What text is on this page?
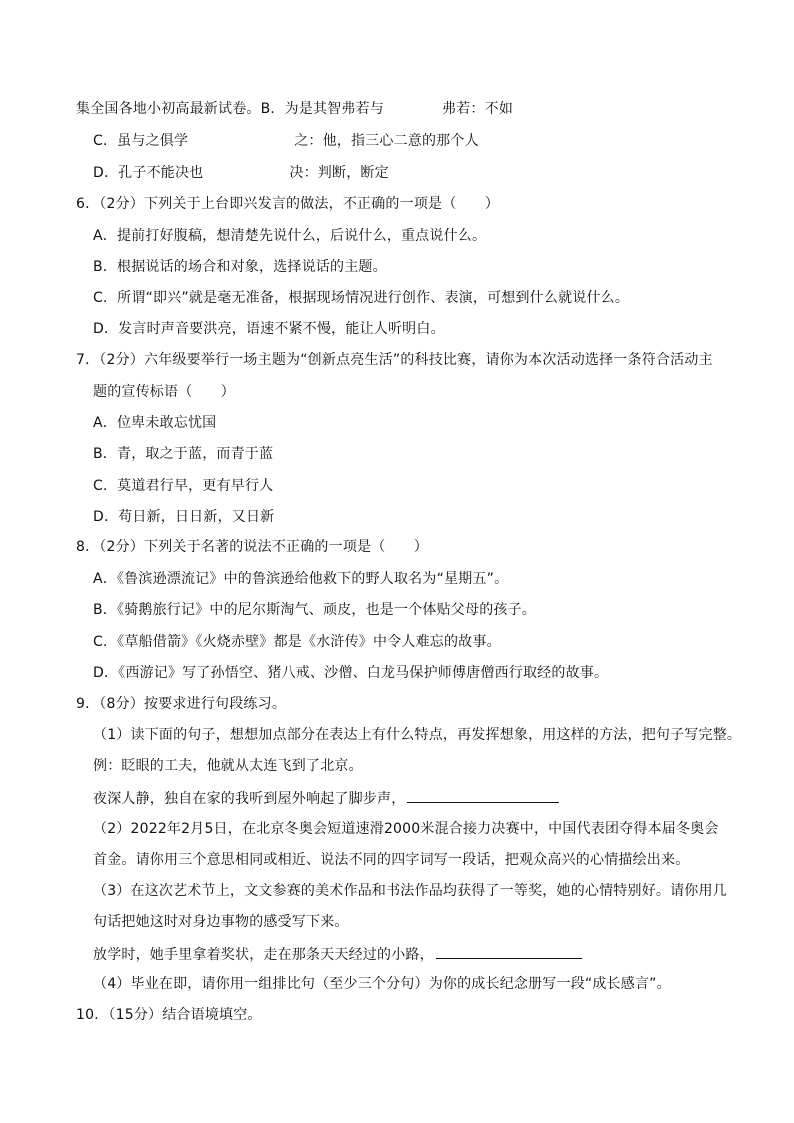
集全国各地小初高最新试卷。B．为是其智弗若与	弗若：不如
C．虽与之俱学	之：他，指三心二意的那个人
D．孔子不能决也	决：判断，断定
6．（2分）下列关于上台即兴发言的做法，不正确的一项是（　　）
A．提前打好腹稿，想清楚先说什么，后说什么，重点说什么。
B．根据说话的场合和对象，选择说话的主题。
C．所谓“即兴”就是毫无准备，根据现场情况进行创作、表演，可想到什么就说什么。
D．发言时声音要洪亮，语速不紧不慢，能让人听明白。
7．（2分）六年级要举行一场主题为“创新点亮生活”的科技比赛，请你为本次活动选择一条符合活动主
题的宣传标语（　　）
A．位卑未敢忘忧国
B．青，取之于蓝，而青于蓝
C．莫道君行早，更有早行人
D．苟日新，日日新，又日新
8．（2分）下列关于名著的说法不正确的一项是（　　）
A．《鲁滨逊漂流记》中的鲁滨逊给他救下的野人取名为“星期五”。
B．《骑鹅旅行记》中的尼尔斯淘气、顽皮，也是一个体贴父母的孩子。
C．《草船借箭》《火烧赤壁》都是《水浒传》中令人难忘的故事。
D．《西游记》写了孙悟空、猪八戒、沙僧、白龙马保护师傅唐僧西行取经的故事。
9．（8分）按要求进行句段练习。
（1）读下面的句子，想想加点部分在表达上有什么特点，再发挥想象，用这样的方法，把句子写完整。
例：眨眼的工夫，他就从太连飞到了北京。
夜深人静，独自在家的我听到屋外响起了脚步声，
（2）2022年2月5日，在北京冬奥会短道速滑2000米混合接力决赛中，中国代表团夺得本届冬奥会
首金。请你用三个意思相同或相近、说法不同的四字词写一段话，把观众高兴的心情描绘出来。
（3）在这次艺术节上，文文参赛的美术作品和书法作品均获得了一等奖，她的心情特别好。请你用几
句话把她这时对身边事物的感受写下来。
放学时，她手里拿着奖状，走在那条天天经过的小路，
（4）毕业在即，请你用一组排比句（至少三个分句）为你的成长纪念册写一段“成长感言”。
10．（15分）结合语境填空。
